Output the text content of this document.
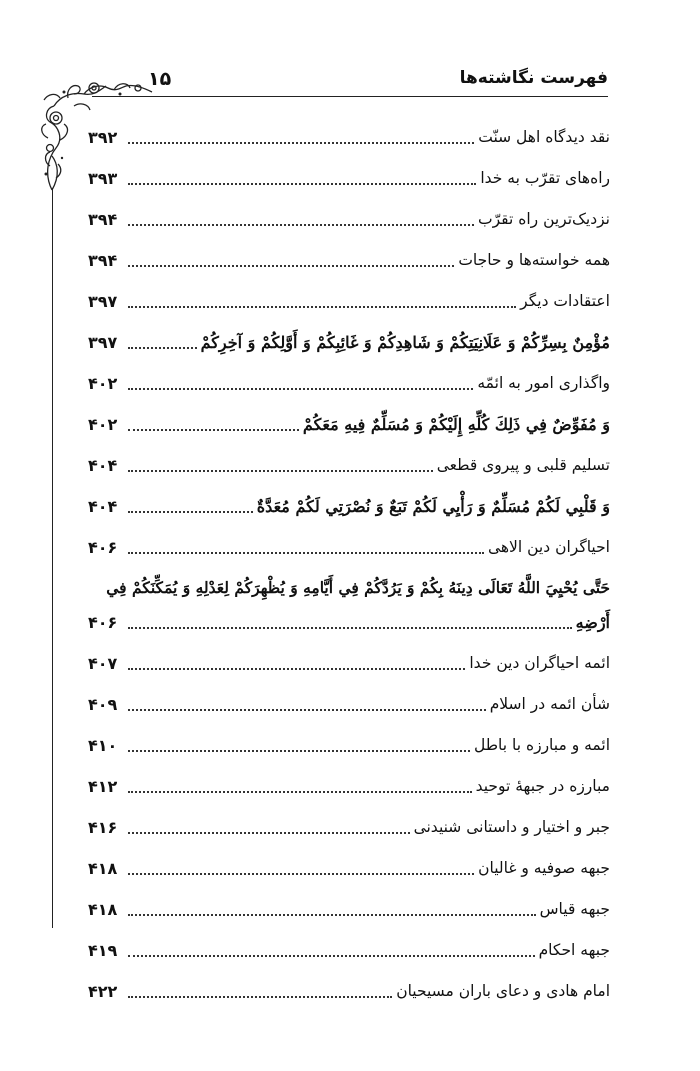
فهرست نگاشته‌ها
۱۵
نقد دیدگاه اهل سنّت
۳۹۲
راه‌های تقرّب به خدا
۳۹۳
نزدیک‌ترین راه تقرّب
۳۹۴
همه خواسته‌ها و حاجات
۳۹۴
اعتقادات دیگر
۳۹۷
مُؤْمِنٌ بِسِرِّكُمْ وَ عَلَانِيَتِكُمْ وَ شَاهِدِكُمْ وَ غَائِبِكُمْ وَ أَوَّلِكُمْ وَ آخِرِكُمْ
۳۹۷
واگذاری امور به ائمّه
۴۰۲
وَ مُفَوِّضٌ فِي ذَلِكَ كُلِّهِ إِلَيْكُمْ وَ مُسَلِّمٌ فِيهِ مَعَكُمْ
۴۰۲
تسلیم قلبی و پیروی قطعی
۴۰۴
وَ قَلْبِي لَكُمْ مُسَلِّمٌ وَ رَأْيِي لَكُمْ تَبَعٌ وَ نُصْرَتِي لَكُمْ مُعَدَّةٌ
۴۰۴
احیاگران دین الاهی
۴۰۶
حَتَّى يُحْيِيَ اللَّهُ تَعَالَى دِينَهُ بِكُمْ وَ يَرُدَّكُمْ فِي أَيَّامِهِ وَ يُظْهِرَكُمْ لِعَدْلِهِ وَ يُمَكِّنَكُمْ فِي
أَرْضِهِ
۴۰۶
ائمه احیاگران دین خدا
۴۰۷
شأن ائمه در اسلام
۴۰۹
ائمه و مبارزه با باطل
۴۱۰
مبارزه در جبههٔ توحید
۴۱۲
جبر و اختیار و داستانی شنیدنی
۴۱۶
جبهه صوفیه و غالیان
۴۱۸
جبهه قیاس
۴۱۸
جبهه احکام
۴۱۹
امام هادی و دعای باران مسیحیان
۴۲۲
